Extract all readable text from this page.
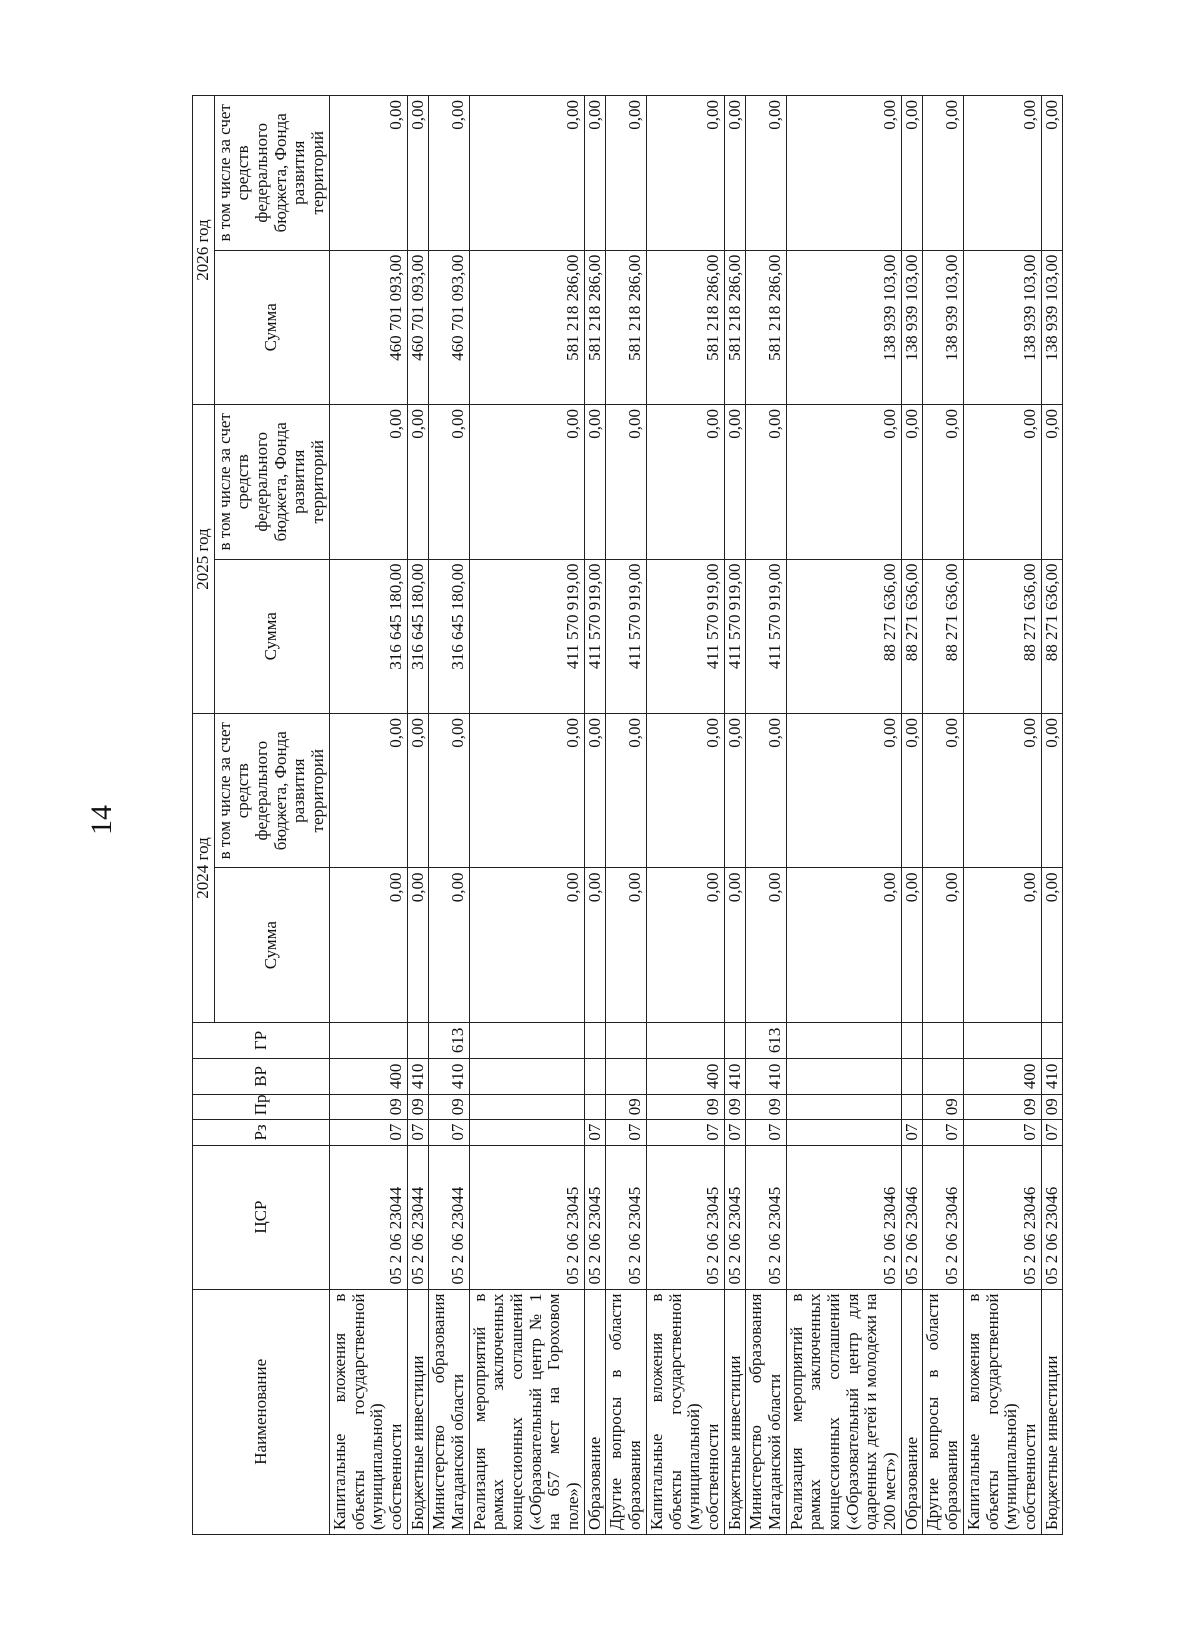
14
Наименование	ЦСР	Рз	Пр	ВР	ГР	2024 год		2025 год		2026 год	
						Сумма	в том числе за счет средств федерального бюджета, Фонда развития территорий	Сумма	в том числе за счет средств федерального бюджета, Фонда развития территорий	Сумма	в том числе за счет средств федерального бюджета, Фонда развития территорий
Капитальные вложения в объекты государственной (муниципальной) собственности	05 2 06 23044	07	09	400		0,00	0,00	316 645 180,00	0,00	460 701 093,00	0,00
Бюджетные инвестиции	05 2 06 23044	07	09	410		0,00	0,00	316 645 180,00	0,00	460 701 093,00	0,00
Министерство образования Магаданской области	05 2 06 23044	07	09	410	613	0,00	0,00	316 645 180,00	0,00	460 701 093,00	0,00
Реализация мероприятий в рамках заключенных концессионных соглашений («Образовательный центр № 1 на 657 мест на Гороховом поле»)	05 2 06 23045					0,00	0,00	411 570 919,00	0,00	581 218 286,00	0,00
Образование	05 2 06 23045	07				0,00	0,00	411 570 919,00	0,00	581 218 286,00	0,00
Другие вопросы в области образования	05 2 06 23045	07	09			0,00	0,00	411 570 919,00	0,00	581 218 286,00	0,00
Капитальные вложения в объекты государственной (муниципальной) собственности	05 2 06 23045	07	09	400		0,00	0,00	411 570 919,00	0,00	581 218 286,00	0,00
Бюджетные инвестиции	05 2 06 23045	07	09	410		0,00	0,00	411 570 919,00	0,00	581 218 286,00	0,00
Министерство образования Магаданской области	05 2 06 23045	07	09	410	613	0,00	0,00	411 570 919,00	0,00	581 218 286,00	0,00
Реализация мероприятий в рамках заключенных концессионных соглашений («Образовательный центр для одаренных детей и молодежи на 200 мест»)	05 2 06 23046					0,00	0,00	88 271 636,00	0,00	138 939 103,00	0,00
Образование	05 2 06 23046	07				0,00	0,00	88 271 636,00	0,00	138 939 103,00	0,00
Другие вопросы в области образования	05 2 06 23046	07	09			0,00	0,00	88 271 636,00	0,00	138 939 103,00	0,00
Капитальные вложения в объекты государственной (муниципальной) собственности	05 2 06 23046	07	09	400		0,00	0,00	88 271 636,00	0,00	138 939 103,00	0,00
Бюджетные инвестиции	05 2 06 23046	07	09	410		0,00	0,00	88 271 636,00	0,00	138 939 103,00	0,00
